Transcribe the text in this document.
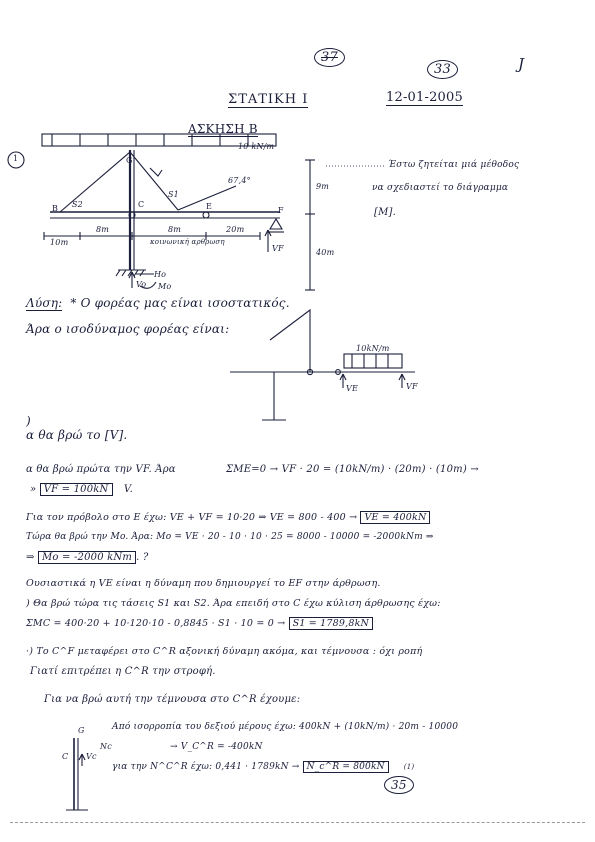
37
33	J
ΣΤΑΤΙΚΗ Ι	12-01-2005
ΑΣΚΗΣΗ Β
10 kN/m
G
B S2	C
S1
E	F
67,4°
10m
8m	8m	20m
κοινωνική αρθρωση
VF
Vo
Ho
Mo
9m
40m
1
Έστω ζητείται μιά μέθοδος
να σχεδιαστεί το διάγραμμα
[M].
Λύση: * Ο φορέας μας είναι ισοστατικός.
Άρα ο ισοδύναμος φορέας είναι:
10kN/m
VE	VF
)
α θα βρώ το [V].
α θα βρώ πρώτα την VF. Άρα	ΣΜE=0 → VF · 20 = (10kN/m) · (20m) · (10m) →
» VF = 100kN V.
Για τον πρόβολο στο Ε έχω: VE + VF = 10·20 ⇒ VE = 800 - 400 → VE = 400kN
Τώρα θα βρώ την Mo. Άρα: Mo = VE · 20 - 10 · 10 · 25 = 8000 - 10000 = -2000kNm ⇒
⇒ Mo = -2000 kNm . ?
Ουσιαστικά η VE είναι η δύναμη που δημιουργεί το EF στην άρθρωση.
) Θα βρώ τώρα τις τάσεις S1 και S2. Άρα επειδή στο C έχω κύλιση άρθρωσης έχω:
ΣMC = 400·20 + 10·120·10 - 0,8845 · S1 · 10 = 0 → S1 = 1789,8kN
·) Το C^F μεταφέρει στο C^R αξονική δύναμη ακόμα, και τέμνουσα : όχι ροπή
Γιατί επιτρέπει η C^R την στροφή.
Για να βρώ αυτή την τέμνουσα στο C^R έχουμε:
Από ισορροπία του δεξιού μέρους έχω: 400kN + (10kN/m) · 20m - 10000
→ V_C^R = -400kN
για την N^C^R έχω: 0,441 · 1789kN → N_c^R = 800kN	(1)
G
C Vc
Nc
35
